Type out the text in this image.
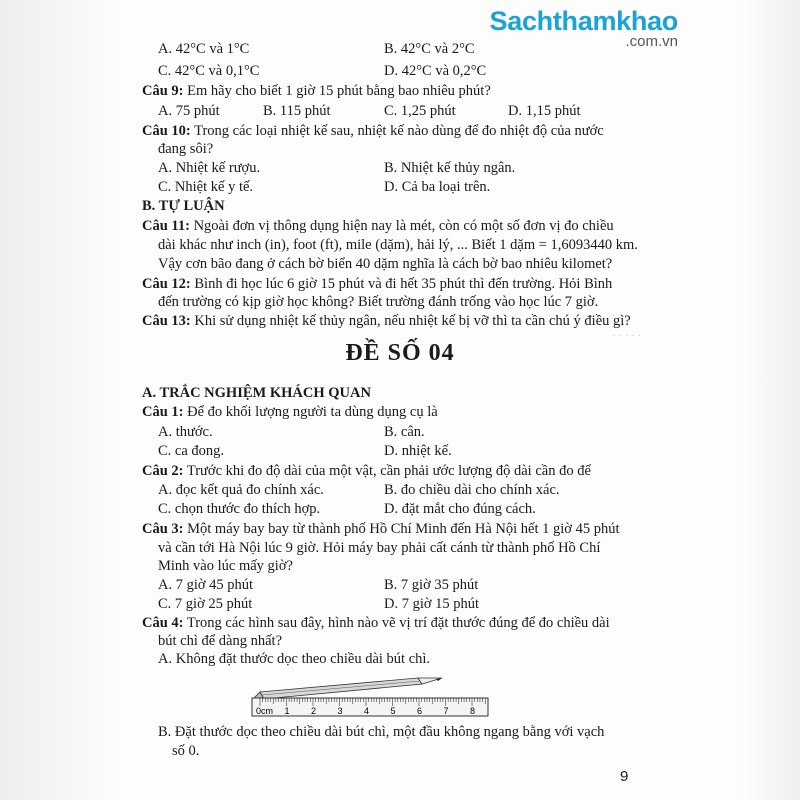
· · · · ·
Sachthamkhao
.com.vn
A. 42°C và 1°C	B. 42°C và 2°C
C. 42°C và 0,1°C	D. 42°C và 0,2°C
Câu 9: Em hãy cho biết 1 giờ 15 phút bằng bao nhiêu phút?
A. 75 phút	B. 115 phút	C. 1,25 phút	D. 1,15 phút
Câu 10: Trong các loại nhiệt kế sau, nhiệt kế nào dùng để đo nhiệt độ của nước
đang sôi?
A. Nhiệt kế rượu.	B. Nhiệt kế thủy ngân.
C. Nhiệt kế y tế.	D. Cả ba loại trên.
B. TỰ LUẬN
Câu 11: Ngoài đơn vị thông dụng hiện nay là mét, còn có một số đơn vị đo chiều
dài khác như inch (in), foot (ft), mile (dặm), hải lý, ... Biết 1 dặm = 1,6093440 km.
Vậy cơn bão đang ở cách bờ biển 40 dặm nghĩa là cách bờ bao nhiêu kilomet?
Câu 12: Bình đi học lúc 6 giờ 15 phút và đi hết 35 phút thì đến trường. Hỏi Bình
đến trường có kịp giờ học không? Biết trường đánh trống vào học lúc 7 giờ.
Câu 13: Khi sử dụng nhiệt kế thủy ngân, nếu nhiệt kế bị vỡ thì ta cần chú ý điều gì?
ĐỀ SỐ 04
A. TRẮC NGHIỆM KHÁCH QUAN
Câu 1: Để đo khối lượng người ta dùng dụng cụ là
A. thước.	B. cân.
C. ca đong.	D. nhiệt kế.
Câu 2: Trước khi đo độ dài của một vật, cần phải ước lượng độ dài cần đo để
A. đọc kết quả đo chính xác.	B. đo chiều dài cho chính xác.
C. chọn thước đo thích hợp.	D. đặt mắt cho đúng cách.
Câu 3: Một máy bay bay từ thành phố Hồ Chí Minh đến Hà Nội hết 1 giờ 45 phút
và cần tới Hà Nội lúc 9 giờ. Hỏi máy bay phải cất cánh từ thành phố Hồ Chí
Minh vào lúc mấy giờ?
A. 7 giờ 45 phút	B. 7 giờ 35 phút
C. 7 giờ 25 phút	D. 7 giờ 15 phút
Câu 4: Trong các hình sau đây, hình nào vẽ vị trí đặt thước đúng để đo chiều dài
bút chì để dàng nhất?
A. Không đặt thước dọc theo chiều dài bút chì.
0cm 1 2 3 4 5 6 7 8
B. Đặt thước dọc theo chiều dài bút chì, một đầu không ngang bằng với vạch
số 0.
9
